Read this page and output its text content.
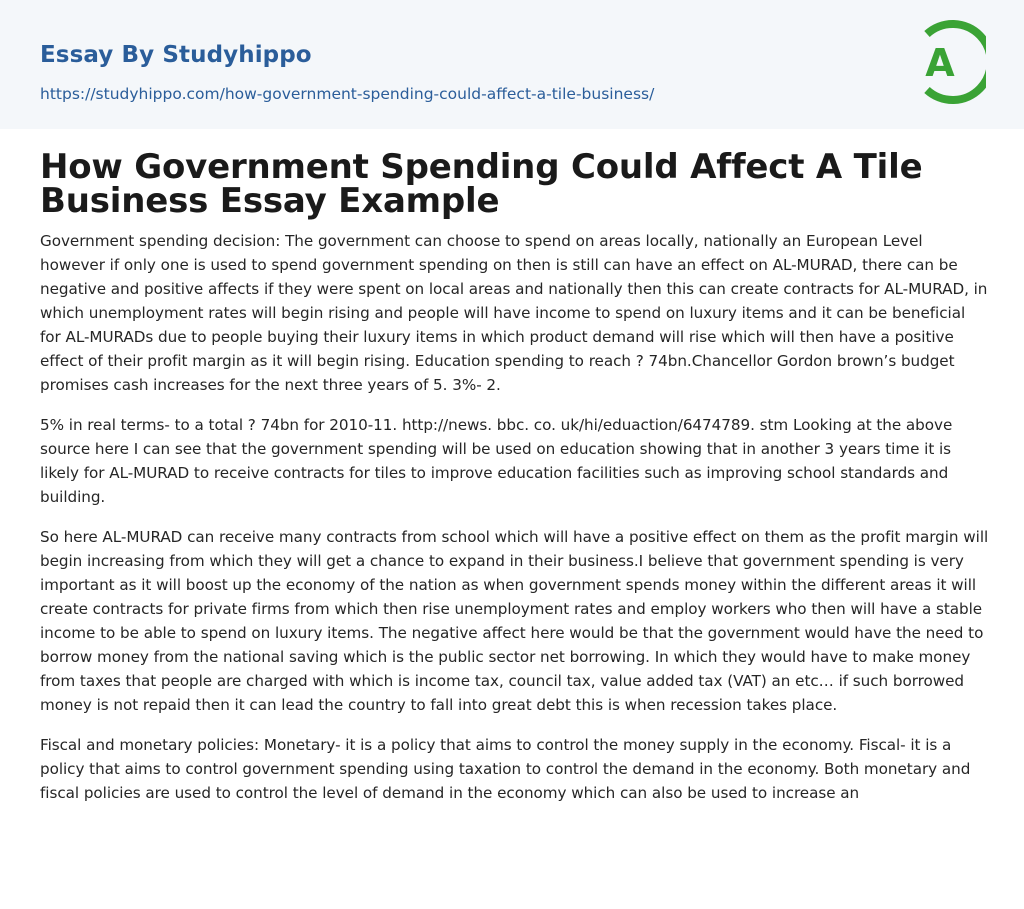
Essay By Studyhippo
https://studyhippo.com/how-government-spending-could-affect-a-tile-business/
A
How Government Spending Could Affect A Tile Business Essay Example

Government spending decision: The government can choose to spend on areas locally, nationally an European Level however if only one is used to spend government spending on then is still can have an effect on AL-MURAD, there can be negative and positive affects if they were spent on local areas and nationally then this can create contracts for AL-MURAD, in which unemployment rates will begin rising and people will have income to spend on luxury items and it can be beneficial for AL-MURADs due to people buying their luxury items in which product demand will rise which will then have a positive effect of their profit margin as it will begin rising. Education spending to reach ? 74bn.Chancellor Gordon brown’s budget promises cash increases for the next three years of 5. 3%- 2.

5% in real terms- to a total ? 74bn for 2010-11. http://news. bbc. co. uk/hi/eduaction/6474789. stm Looking at the above source here I can see that the government spending will be used on education showing that in another 3 years time it is likely for AL-MURAD to receive contracts for tiles to improve education facilities such as improving school standards and building.

So here AL-MURAD can receive many contracts from school which will have a positive effect on them as the profit margin will begin increasing from which they will get a chance to expand in their business.I believe that government spending is very important as it will boost up the economy of the nation as when government spends money within the different areas it will create contracts for private firms from which then rise unemployment rates and employ workers who then will have a stable income to be able to spend on luxury items. The negative affect here would be that the government would have the need to borrow money from the national saving which is the public sector net borrowing. In which they would have to make money from taxes that people are charged with which is income tax, council tax, value added tax (VAT) an etc… if such borrowed money is not repaid then it can lead the country to fall into great debt this is when recession takes place.

Fiscal and monetary policies: Monetary- it is a policy that aims to control the money supply in the economy. Fiscal- it is a policy that aims to control government spending using taxation to control the demand in the economy. Both monetary and fiscal policies are used to control the level of demand in the economy which can also be used to increase an
